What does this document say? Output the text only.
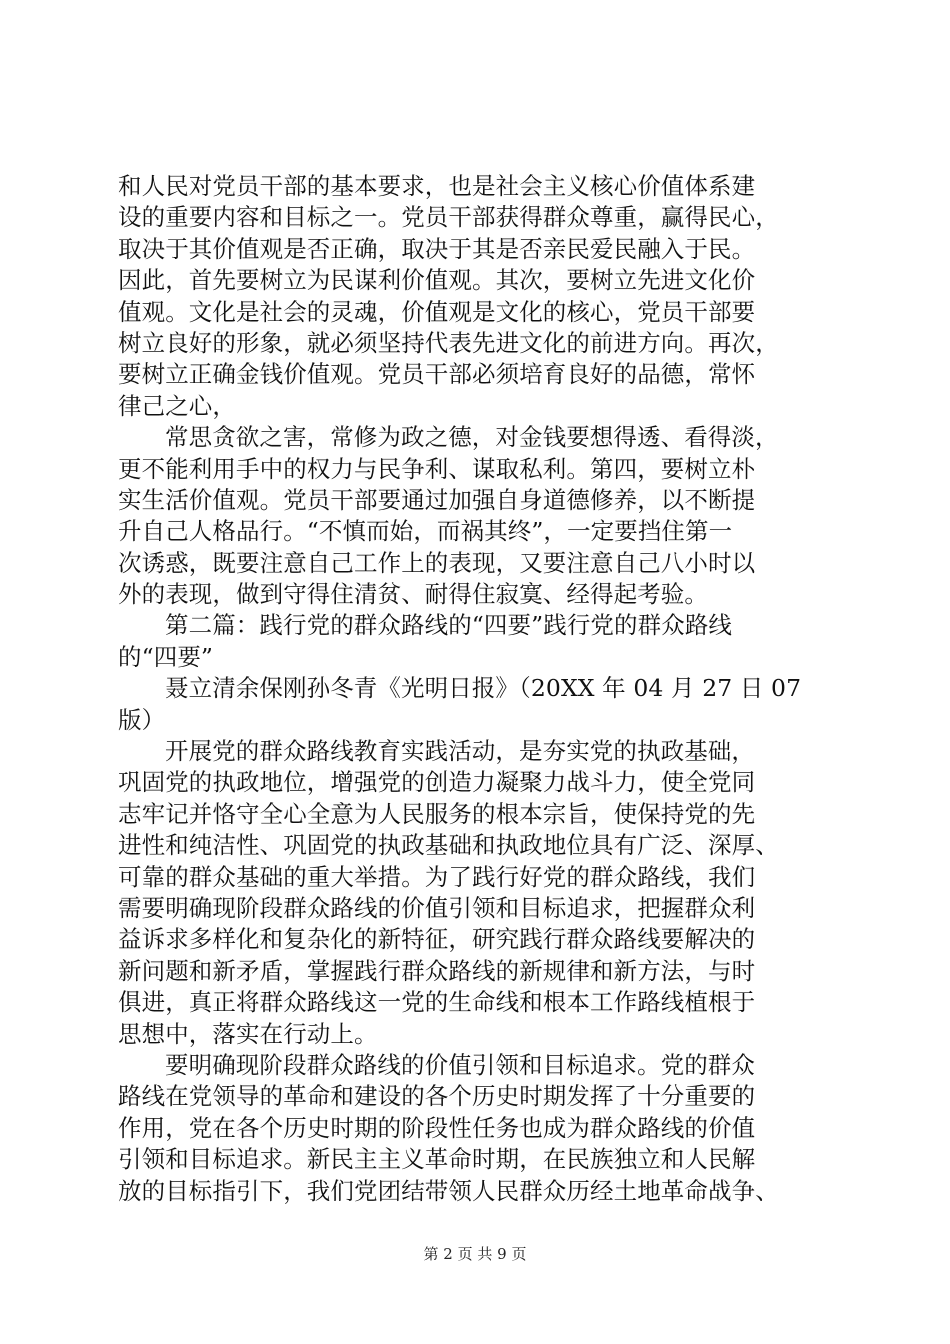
和人民对党员干部的基本要求，也是社会主义核心价值体系建
设的重要内容和目标之一。党员干部获得群众尊重，赢得民心，
取决于其价值观是否正确，取决于其是否亲民爱民融入于民。
因此，首先要树立为民谋利价值观。其次，要树立先进文化价
值观。文化是社会的灵魂，价值观是文化的核心，党员干部要
树立良好的形象，就必须坚持代表先进文化的前进方向。再次，
要树立正确金钱价值观。党员干部必须培育良好的品德，常怀
律己之心，
常思贪欲之害，常修为政之德，对金钱要想得透、看得淡，
更不能利用手中的权力与民争利、谋取私利。第四，要树立朴
实生活价值观。党员干部要通过加强自身道德修养，以不断提
升自己人格品行。“不慎而始，而祸其终”，一定要挡住第一
次诱惑，既要注意自己工作上的表现，又要注意自己八小时以
外的表现，做到守得住清贫、耐得住寂寞、经得起考验。
第二篇：践行党的群众路线的“四要”践行党的群众路线
的“四要”
聂立清余保刚孙冬青《光明日报》（20XX 年 04 月 27 日 07
版）
开展党的群众路线教育实践活动，是夯实党的执政基础，
巩固党的执政地位，增强党的创造力凝聚力战斗力，使全党同
志牢记并恪守全心全意为人民服务的根本宗旨，使保持党的先
进性和纯洁性、巩固党的执政基础和执政地位具有广泛、深厚、
可靠的群众基础的重大举措。为了践行好党的群众路线，我们
需要明确现阶段群众路线的价值引领和目标追求，把握群众利
益诉求多样化和复杂化的新特征，研究践行群众路线要解决的
新问题和新矛盾，掌握践行群众路线的新规律和新方法，与时
俱进，真正将群众路线这一党的生命线和根本工作路线植根于
思想中，落实在行动上。
要明确现阶段群众路线的价值引领和目标追求。党的群众
路线在党领导的革命和建设的各个历史时期发挥了十分重要的
作用，党在各个历史时期的阶段性任务也成为群众路线的价值
引领和目标追求。新民主主义革命时期，在民族独立和人民解
放的目标指引下，我们党团结带领人民群众历经土地革命战争、
第 2 页 共 9 页
